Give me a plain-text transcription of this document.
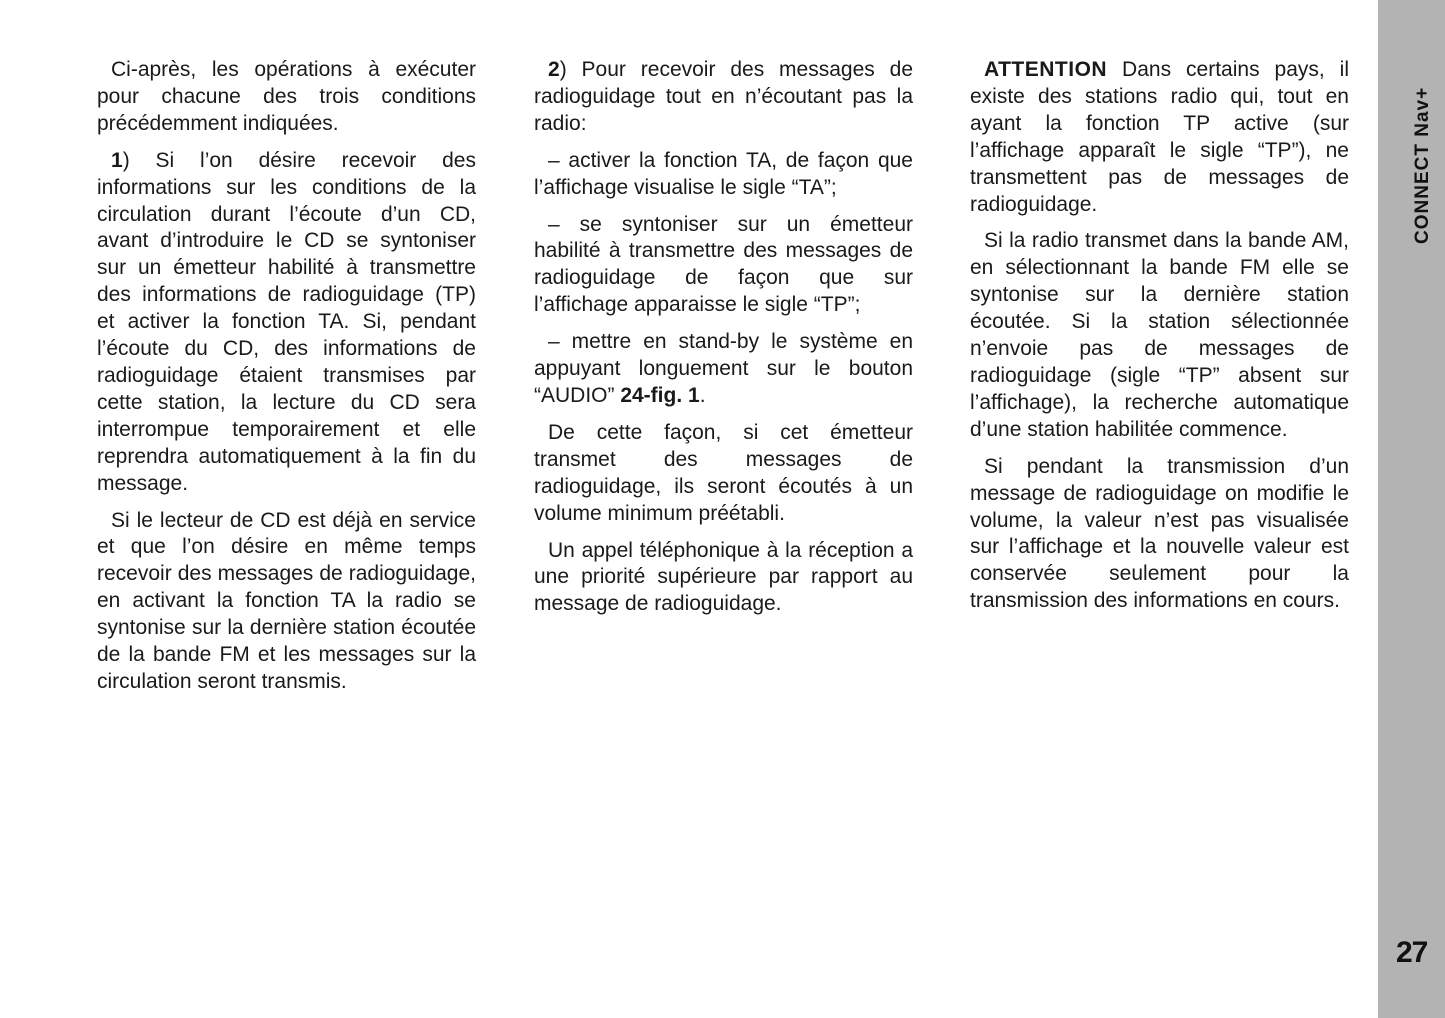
Ci-après, les opérations à exécuter pour chacune des trois conditions précédemment indiquées.

1) Si l’on désire recevoir des informations sur les conditions de la circulation durant l’écoute d’un CD, avant d’introduire le CD se syntoniser sur un émetteur habilité à transmettre des informations de radioguidage (TP) et activer la fonction TA. Si, pendant l’écoute du CD, des informations de radioguidage étaient transmises par cette station, la lecture du CD sera interrompue temporairement et elle reprendra automatiquement à la fin du message.

Si le lecteur de CD est déjà en service et que l’on désire en même temps recevoir des messages de radioguidage, en activant la fonction TA la radio se syntonise sur la dernière station écoutée de la bande FM et les messages sur la circulation seront transmis.

2) Pour recevoir des messages de radioguidage tout en n’écoutant pas la radio:

– activer la fonction TA, de façon que l’affichage visualise le sigle “TA”;

– se syntoniser sur un émetteur habilité à transmettre des messages de radioguidage de façon que sur l’affichage apparaisse le sigle “TP”;

– mettre en stand-by le système en appuyant longuement sur le bouton “AUDIO” 24-fig. 1.

De cette façon, si cet émetteur transmet des messages de radioguidage, ils seront écoutés à un volume minimum préétabli.

Un appel téléphonique à la réception a une priorité supérieure par rapport au message de radioguidage.

ATTENTION Dans certains pays, il existe des stations radio qui, tout en ayant la fonction TP active (sur l’affichage apparaît le sigle “TP”), ne transmettent pas de messages de radioguidage.

Si la radio transmet dans la bande AM, en sélectionnant la bande FM elle se syntonise sur la dernière station écoutée. Si la station sélectionnée n’envoie pas de messages de radioguidage (sigle “TP” absent sur l’affichage), la recherche automatique d’une station habilitée commence.

Si pendant la transmission d’un message de radioguidage on modifie le volume, la valeur n’est pas visualisée sur l’affichage et la nouvelle valeur est conservée seulement pour la transmission des informations en cours.

CONNECT Nav+
27
